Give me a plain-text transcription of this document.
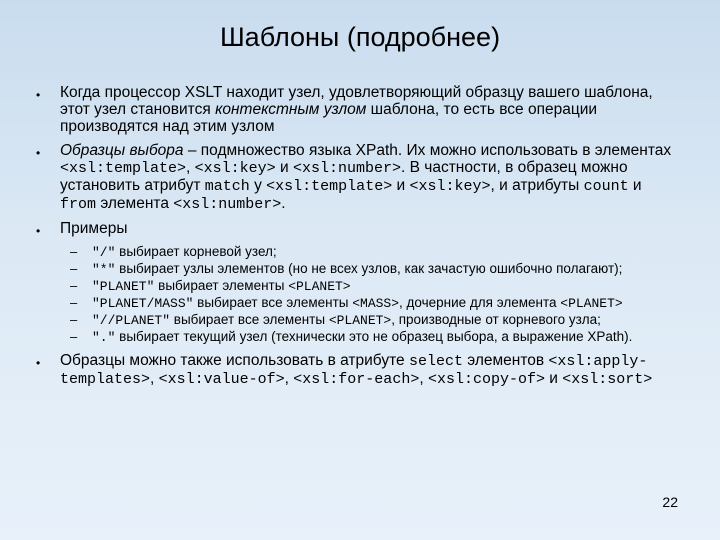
Шаблоны (подробнее)
•	Когда процессор XSLT находит узел, удовлетворяющий образцу вашего шаблона, этот узел становится контекстным узлом шаблона, то есть все операции производятся над этим узлом
•	Образцы выбора – подмножество языка XPath. Их можно использовать в элементах <xsl:template>, <xsl:key> и <xsl:number>. В частности, в образец можно установить атрибут match у <xsl:template> и <xsl:key>, и атрибуты count и from элемента <xsl:number>.
•	Примеры
–	"/" выбирает корневой узел;
–	"*" выбирает узлы элементов (но не всех узлов, как зачастую ошибочно полагают);
–	"PLANET" выбирает элементы <PLANET>
–	"PLANET/MASS" выбирает все элементы <MASS>, дочерние для элемента <PLANET>
–	"//PLANET" выбирает все элементы <PLANET>, производные от корневого узла;
–	"." выбирает текущий узел (технически это не образец выбора, а выражение XPath).
•	Образцы можно также использовать в атрибуте select элементов <xsl:apply-templates>, <xsl:value-of>, <xsl:for-each>, <xsl:copy-of> и <xsl:sort>
22
